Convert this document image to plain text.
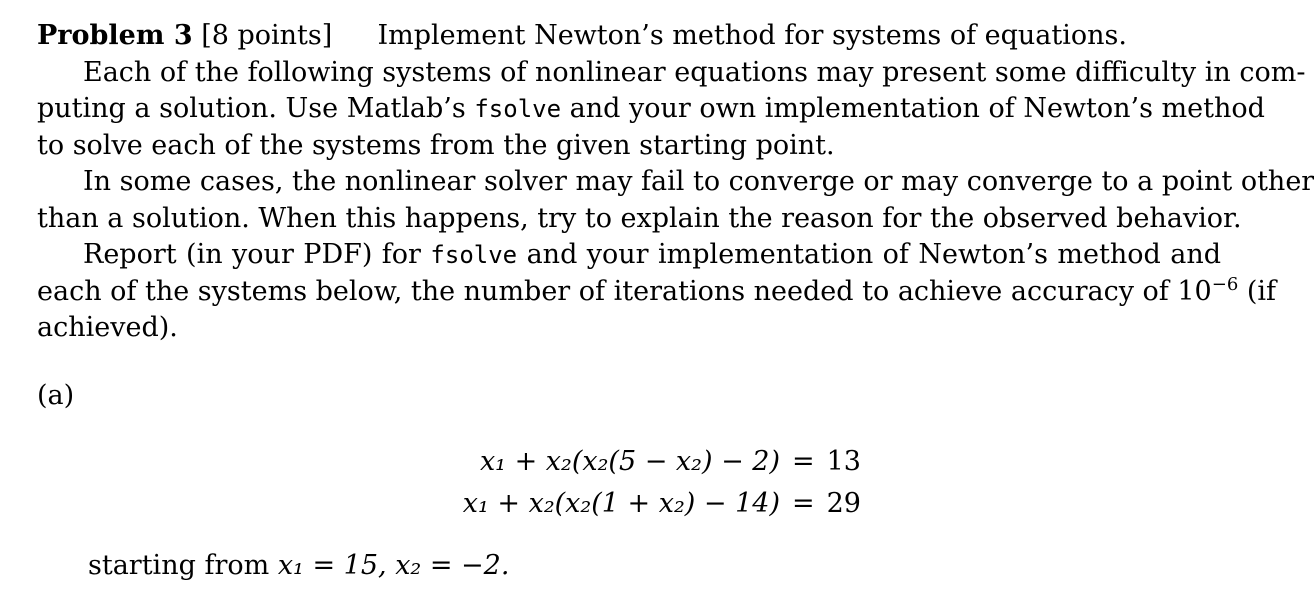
Problem 3 [8 points] Implement Newton’s method for systems of equations.
Each of the following systems of nonlinear equations may present some difficulty in com-
puting a solution. Use Matlab’s fsolve and your own implementation of Newton’s method
to solve each of the systems from the given starting point.
In some cases, the nonlinear solver may fail to converge or may converge to a point other
than a solution. When this happens, try to explain the reason for the observed behavior.
Report (in your PDF) for fsolve and your implementation of Newton’s method and
each of the systems below, the number of iterations needed to achieve accuracy of $10^{-6}$ (if
achieved).
(a)
x₁ + x₂(x₂(5 − x₂) − 2) = 13
x₁ + x₂(x₂(1 + x₂) − 14) = 29
starting from x₁ = 15, x₂ = −2.
